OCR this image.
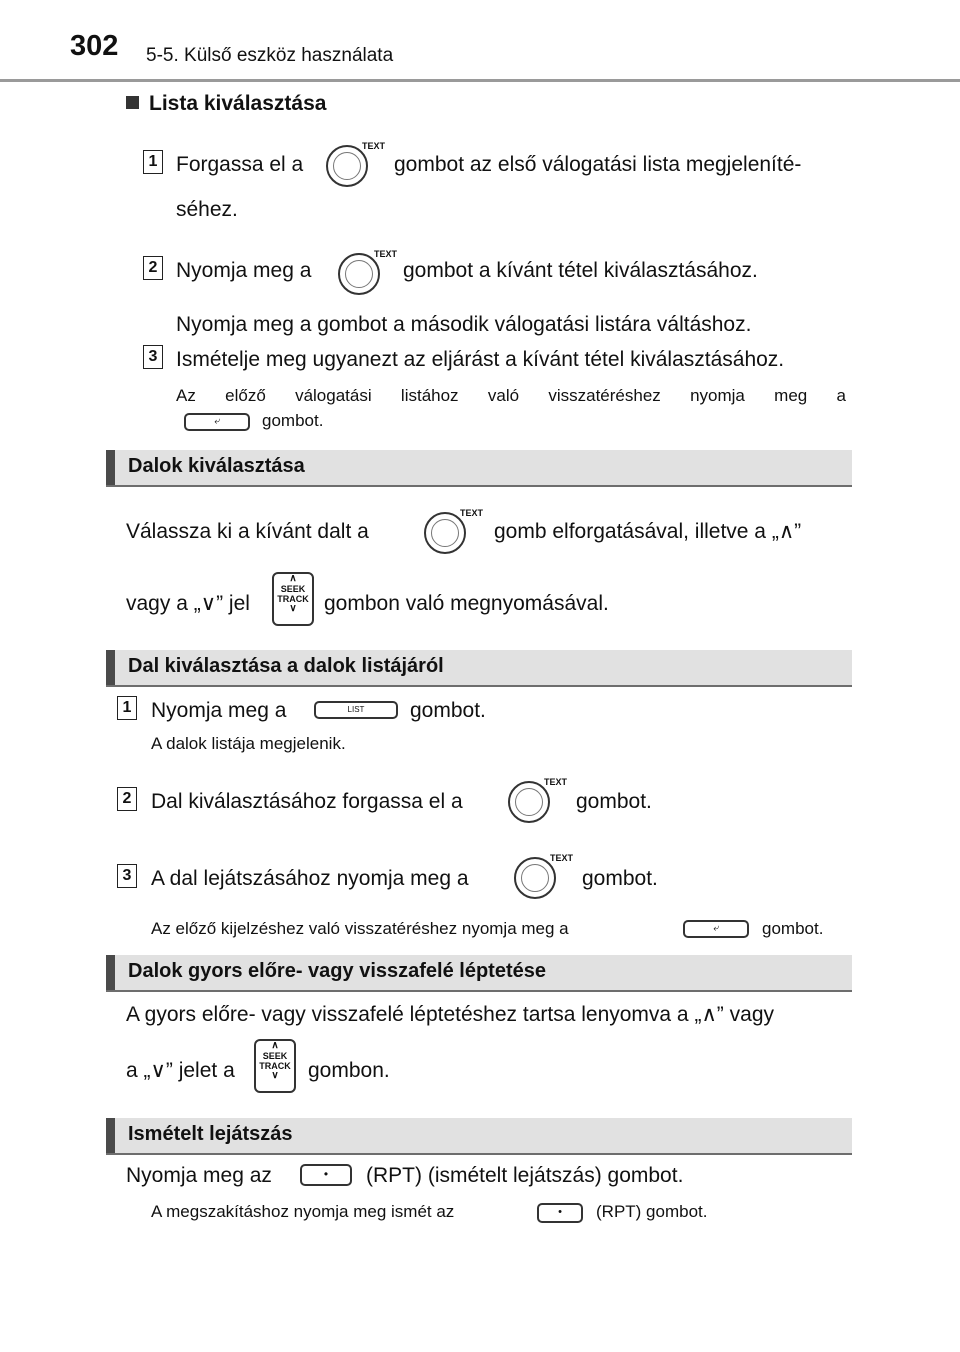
302 5-5. Külső eszköz használata
Lista kiválasztása
1 Forgassa el a
TEXT
gombot az első válogatási lista megjeleníté-
séhez.
2 Nyomja meg a
TEXT
gombot a kívánt tétel kiválasztásához.
Nyomja meg a gombot a második válogatási listára váltáshoz.
3 Ismételje meg ugyanezt az eljárást a kívánt tétel kiválasztásához.
Az előző válogatási listához való visszatéréshez nyomja meg a
⤶	gombot.
Dalok kiválasztása
Válassza ki a kívánt dalt a
TEXT
gomb elforgatásával, illetve a „∧”
vagy a „∨” jel
∧
SEEK
TRACK
∨	gombon való megnyomásával.
Dal kiválasztása a dalok listájáról
1 Nyomja meg a	LIST	gombot.
A dalok listája megjelenik.
2 Dal kiválasztásához forgassa el a
TEXT
gombot.
3 A dal lejátszásához nyomja meg a
TEXT
gombot.
Az előző kijelzéshez való visszatéréshez nyomja meg a	⤶	gombot.
Dalok gyors előre- vagy visszafelé léptetése
A gyors előre- vagy visszafelé léptetéshez tartsa lenyomva a „∧” vagy
a „∨” jelet a
∧
SEEK
TRACK
∨	gombon.
Ismételt lejátszás
Nyomja meg az	•	(RPT) (ismételt lejátszás) gombot.
A megszakításhoz nyomja meg ismét az	•	(RPT) gombot.
